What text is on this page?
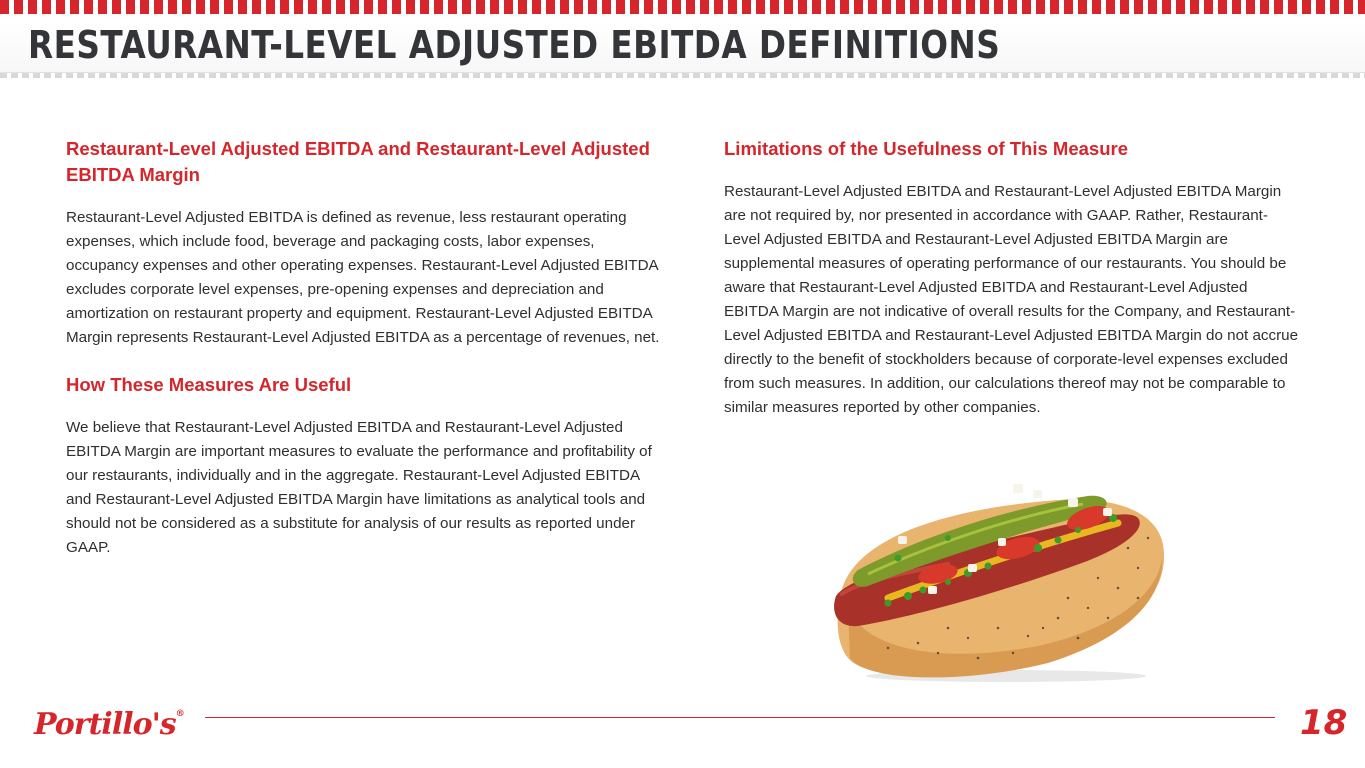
RESTAURANT-LEVEL ADJUSTED EBITDA DEFINITIONS
Restaurant-Level Adjusted EBITDA and Restaurant-Level Adjusted EBITDA Margin

Restaurant-Level Adjusted EBITDA is defined as revenue, less restaurant operating expenses, which include food, beverage and packaging costs, labor expenses, occupancy expenses and other operating expenses. Restaurant-Level Adjusted EBITDA excludes corporate level expenses, pre-opening expenses and depreciation and amortization on restaurant property and equipment. Restaurant-Level Adjusted EBITDA Margin represents Restaurant-Level Adjusted EBITDA as a percentage of revenues, net.

How These Measures Are Useful

We believe that Restaurant-Level Adjusted EBITDA and Restaurant-Level Adjusted EBITDA Margin are important measures to evaluate the performance and profitability of our restaurants, individually and in the aggregate. Restaurant-Level Adjusted EBITDA and Restaurant-Level Adjusted EBITDA Margin have limitations as analytical tools and should not be considered as a substitute for analysis of our results as reported under GAAP.

Limitations of the Usefulness of This Measure

Restaurant-Level Adjusted EBITDA and Restaurant-Level Adjusted EBITDA Margin are not required by, nor presented in accordance with GAAP. Rather, Restaurant-Level Adjusted EBITDA and Restaurant-Level Adjusted EBITDA Margin are supplemental measures of operating performance of our restaurants. You should be aware that Restaurant-Level Adjusted EBITDA and Restaurant-Level Adjusted EBITDA Margin are not indicative of overall results for the Company, and Restaurant-Level Adjusted EBITDA and Restaurant-Level Adjusted EBITDA Margin do not accrue directly to the benefit of stockholders because of corporate-level expenses excluded from such measures. In addition, our calculations thereof may not be comparable to similar measures reported by other companies.

Portillo's®	18
